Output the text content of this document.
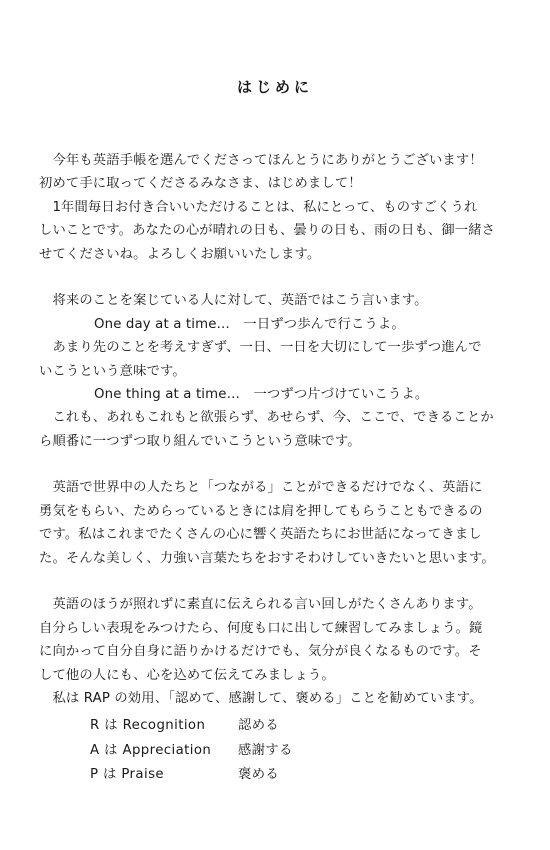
はじめに
　今年も英語手帳を選んでくださってほんとうにありがとうございます！
初めて手に取ってくださるみなさま、はじめまして！
　1年間毎日お付き合いいただけることは、私にとって、ものすごくうれ
しいことです。あなたの心が晴れの日も、曇りの日も、雨の日も、御一緒さ
せてくださいね。よろしくお願いいたします。
　将来のことを案じている人に対して、英語ではこう言います。
One day at a time…　一日ずつ歩んで行こうよ。
　あまり先のことを考えすぎず、一日、一日を大切にして一歩ずつ進んで
いこうという意味です。
One thing at a time…　一つずつ片づけていこうよ。
　これも、あれもこれもと欲張らず、あせらず、今、ここで、できることか
ら順番に一つずつ取り組んでいこうという意味です。
　英語で世界中の人たちと「つながる」ことができるだけでなく、英語に
勇気をもらい、ためらっているときには肩を押してもらうこともできるの
です。私はこれまでたくさんの心に響く英語たちにお世話になってきまし
た。そんな美しく、力強い言葉たちをおすそわけしていきたいと思います。
　英語のほうが照れずに素直に伝えられる言い回しがたくさんあります。
自分らしい表現をみつけたら、何度も口に出して練習してみましょう。鏡
に向かって自分自身に語りかけるだけでも、気分が良くなるものです。そ
して他の人にも、心を込めて伝えてみましょう。
　私は RAP の効用、「認めて、感謝して、褒める」ことを勧めています。
R は Recognition	認める
A は Appreciation	感謝する
P は Praise	褒める
